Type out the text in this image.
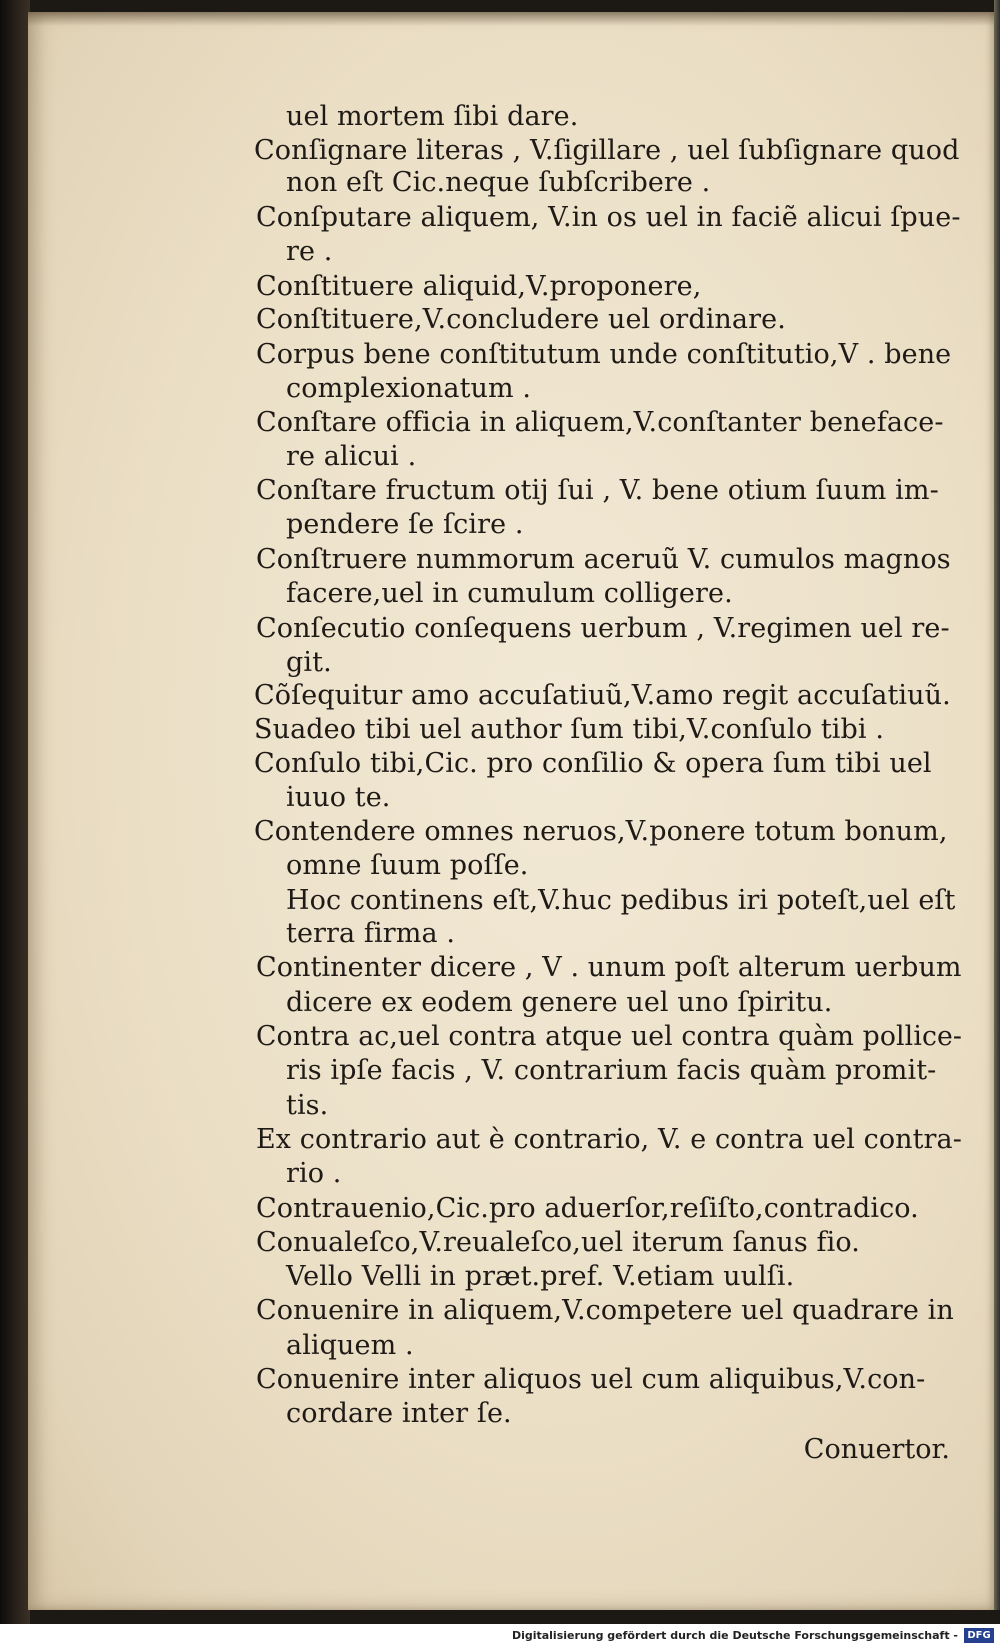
uel mortem ſibi dare.
Conſignare literas , V.ſigillare , uel ſubſignare quod
non eſt Cic.neque ſubſcribere .
Conſputare aliquem, V.in os uel in faciẽ alicui ſpue-
re .
Conſtituere aliquid,V.proponere,
Conſtituere,V.concludere uel ordinare.
Corpus bene conſtitutum unde conſtitutio,V . bene
complexionatum .
Conſtare officia in aliquem,V.conſtanter beneface-
re alicui .
Conſtare fructum otij ſui , V. bene otium ſuum im-
pendere ſe ſcire .
Conſtruere nummorum aceruũ V. cumulos magnos
facere,uel in cumulum colligere.
Conſecutio conſequens uerbum , V.regimen uel re-
git.
Cõſequitur amo accuſatiuũ,V.amo regit accuſatiuũ.
Suadeo tibi uel author ſum tibi,V.conſulo tibi .
Conſulo tibi,Cic. pro conſilio & opera ſum tibi uel
iuuo te.
Contendere omnes neruos,V.ponere totum bonum,
omne ſuum poſſe.
Hoc continens eſt,V.huc pedibus iri poteſt,uel eſt
terra firma .
Continenter dicere , V . unum poſt alterum uerbum
dicere ex eodem genere uel uno ſpiritu.
Contra ac,uel contra atque uel contra quàm pollice-
ris ipſe facis , V. contrarium facis quàm promit-
tis.
Ex contrario aut è contrario, V. e contra uel contra-
rio .
Contrauenio,Cic.pro aduerſor,reſiſto,contradico.
Conualeſco,V.reualeſco,uel iterum ſanus fio.
Vello Velli in præt.pref. V.etiam uulſi.
Conuenire in aliquem,V.competere uel quadrare in
aliquem .
Conuenire inter aliquos uel cum aliquibus,V.con-
cordare inter ſe.
Conuertor.
Digitalisierung gefördert durch die Deutsche Forschungsgemeinschaft - DFG
